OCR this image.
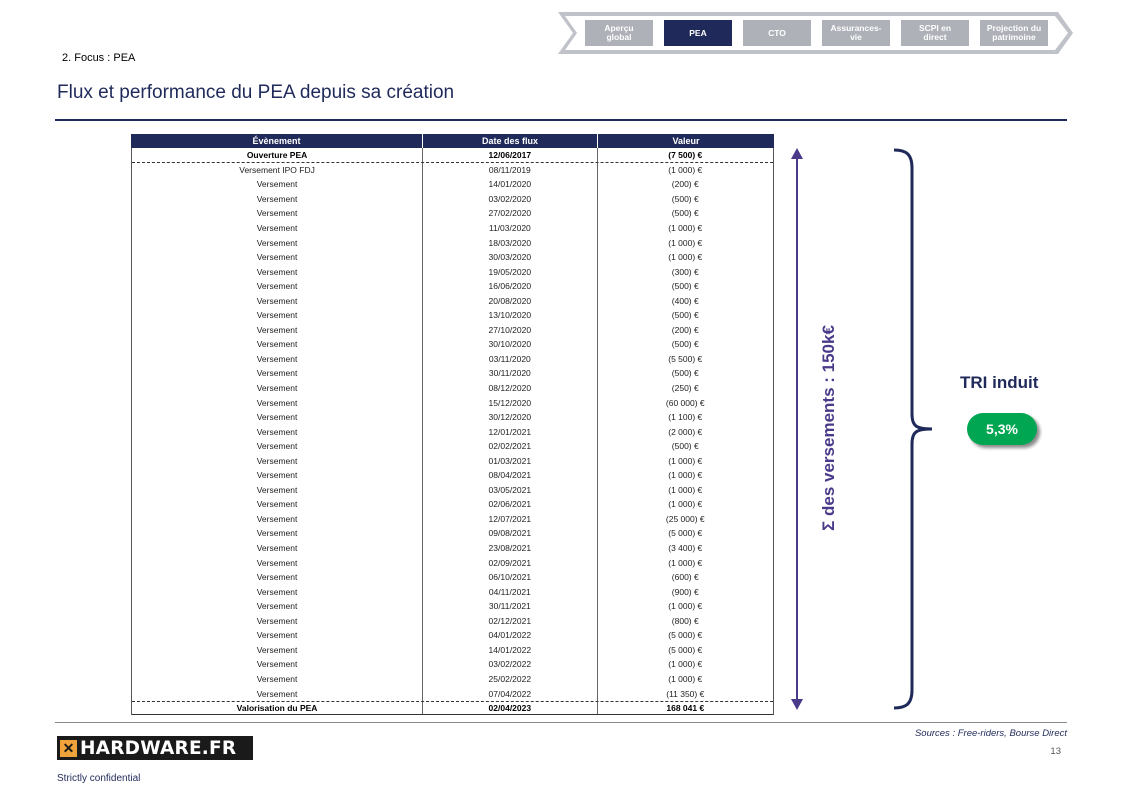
Aperçu
global	PEA	CTO	Assurances-
vie
SCPI en
direct
Projection du
patrimoine
2. Focus : PEA
Flux et performance du PEA depuis sa création
Évènement	Date des flux	Valeur
Ouverture PEA	12/06/2017	(7 500) €
Versement IPO FDJ	08/11/2019	(1 000) €
Versement	14/01/2020	(200) €
Versement	03/02/2020	(500) €
Versement	27/02/2020	(500) €
Versement	11/03/2020	(1 000) €
Versement	18/03/2020	(1 000) €
Versement	30/03/2020	(1 000) €
Versement	19/05/2020	(300) €
Versement	16/06/2020	(500) €
Versement	20/08/2020	(400) €
Versement	13/10/2020	(500) €
Versement	27/10/2020	(200) €
Versement	30/10/2020	(500) €
Versement	03/11/2020	(5 500) €
Versement	30/11/2020	(500) €
Versement	08/12/2020	(250) €
Versement	15/12/2020	(60 000) €
Versement	30/12/2020	(1 100) €
Versement	12/01/2021	(2 000) €
Versement	02/02/2021	(500) €
Versement	01/03/2021	(1 000) €
Versement	08/04/2021	(1 000) €
Versement	03/05/2021	(1 000) €
Versement	02/06/2021	(1 000) €
Versement	12/07/2021	(25 000) €
Versement	09/08/2021	(5 000) €
Versement	23/08/2021	(3 400) €
Versement	02/09/2021	(1 000) €
Versement	06/10/2021	(600) €
Versement	04/11/2021	(900) €
Versement	30/11/2021	(1 000) €
Versement	02/12/2021	(800) €
Versement	04/01/2022	(5 000) €
Versement	14/01/2022	(5 000) €
Versement	03/02/2022	(1 000) €
Versement	25/02/2022	(1 000) €
Versement	07/04/2022	(11 350) €
Valorisation du PEA	02/04/2023	168 041 €
Σ des versements : 150k€	TRI induit
5,3%
Sources : Free-riders, Bourse Direct
13
✕ HARDWARE.FR
Strictly confidential
